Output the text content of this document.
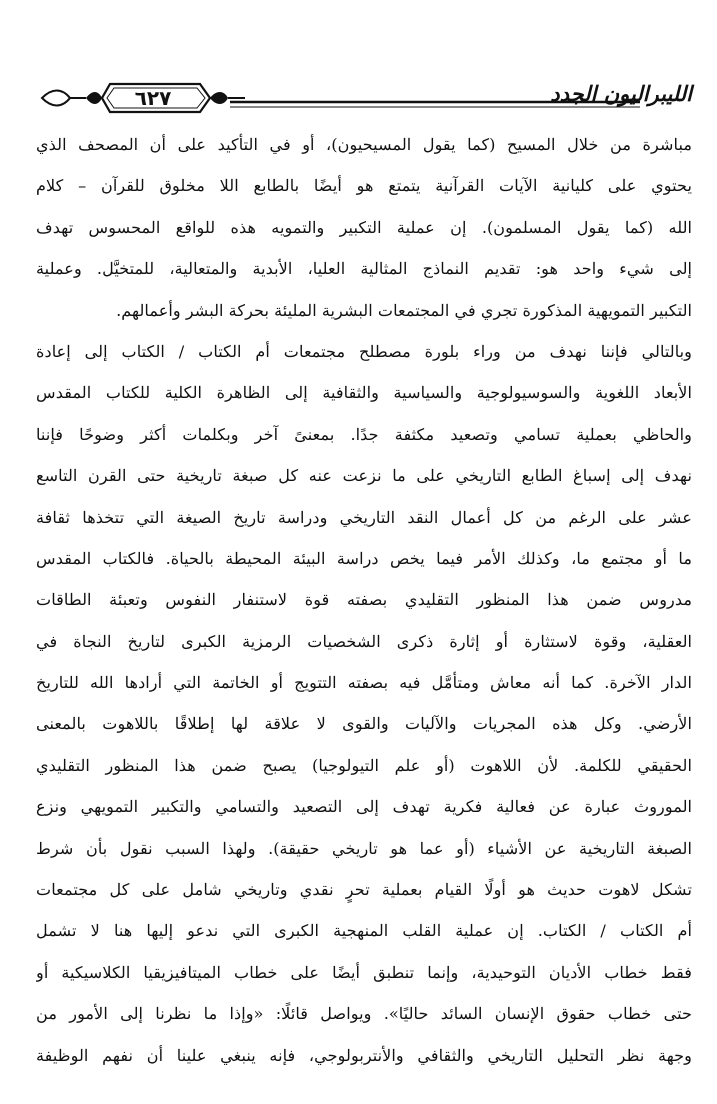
٦٢٧	الليبراليون الجدد
مباشرة من خلال المسيح (كما يقول المسيحيون)، أو في التأكيد على أن المصحف الذي
يحتوي على كليانية الآيات القرآنية يتمتع هو أيضًا بالطابع اللا مخلوق للقرآن – كلام
الله (كما يقول المسلمون). إن عملية التكبير والتمويه هذه للواقع المحسوس تهدف
إلى شيء واحد هو: تقديم النماذج المثالية العليا، الأبدية والمتعالية، للمتخيَّل. وعملية
التكبير التمويهية المذكورة تجري في المجتمعات البشرية المليئة بحركة البشر وأعمالهم.
وبالتالي فإننا نهدف من وراء بلورة مصطلح مجتمعات أم الكتاب / الكتاب إلى إعادة
الأبعاد اللغوية والسوسيولوجية والسياسية والثقافية إلى الظاهرة الكلية للكتاب المقدس
والحاظي بعملية تسامي وتصعيد مكثفة جدًا. بمعنىً آخر وبكلمات أكثر وضوحًا فإننا
نهدف إلى إسباغ الطابع التاريخي على ما نزعت عنه كل صبغة تاريخية حتى القرن التاسع
عشر على الرغم من كل أعمال النقد التاريخي ودراسة تاريخ الصيغة التي تتخذها ثقافة
ما أو مجتمع ما، وكذلك الأمر فيما يخص دراسة البيئة المحيطة بالحياة. فالكتاب المقدس
مدروس ضمن هذا المنظور التقليدي بصفته قوة لاستنفار النفوس وتعبئة الطاقات
العقلية، وقوة لاستثارة أو إثارة ذكرى الشخصيات الرمزية الكبرى لتاريخ النجاة في
الدار الآخرة. كما أنه معاش ومتأمَّل فيه بصفته التتويج أو الخاتمة التي أرادها الله للتاريخ
الأرضي. وكل هذه المجريات والآليات والقوى لا علاقة لها إطلاقًا باللاهوت بالمعنى
الحقيقي للكلمة. لأن اللاهوت (أو علم التيولوجيا) يصبح ضمن هذا المنظور التقليدي
الموروث عبارة عن فعالية فكرية تهدف إلى التصعيد والتسامي والتكبير التمويهي ونزع
الصبغة التاريخية عن الأشياء (أو عما هو تاريخي حقيقة). ولهذا السبب نقول بأن شرط
تشكل لاهوت حديث هو أولًا القيام بعملية تحرٍ نقدي وتاريخي شامل على كل مجتمعات
أم الكتاب / الكتاب. إن عملية القلب المنهجية الكبرى التي ندعو إليها هنا لا تشمل
فقط خطاب الأديان التوحيدية، وإنما تنطبق أيضًا على خطاب الميتافيزيقيا الكلاسيكية أو
حتى خطاب حقوق الإنسان السائد حاليًا». ويواصل قائلًا: «وإذا ما نظرنا إلى الأمور من
وجهة نظر التحليل التاريخي والثقافي والأنتربولوجي، فإنه ينبغي علينا أن نفهم الوظيفة
